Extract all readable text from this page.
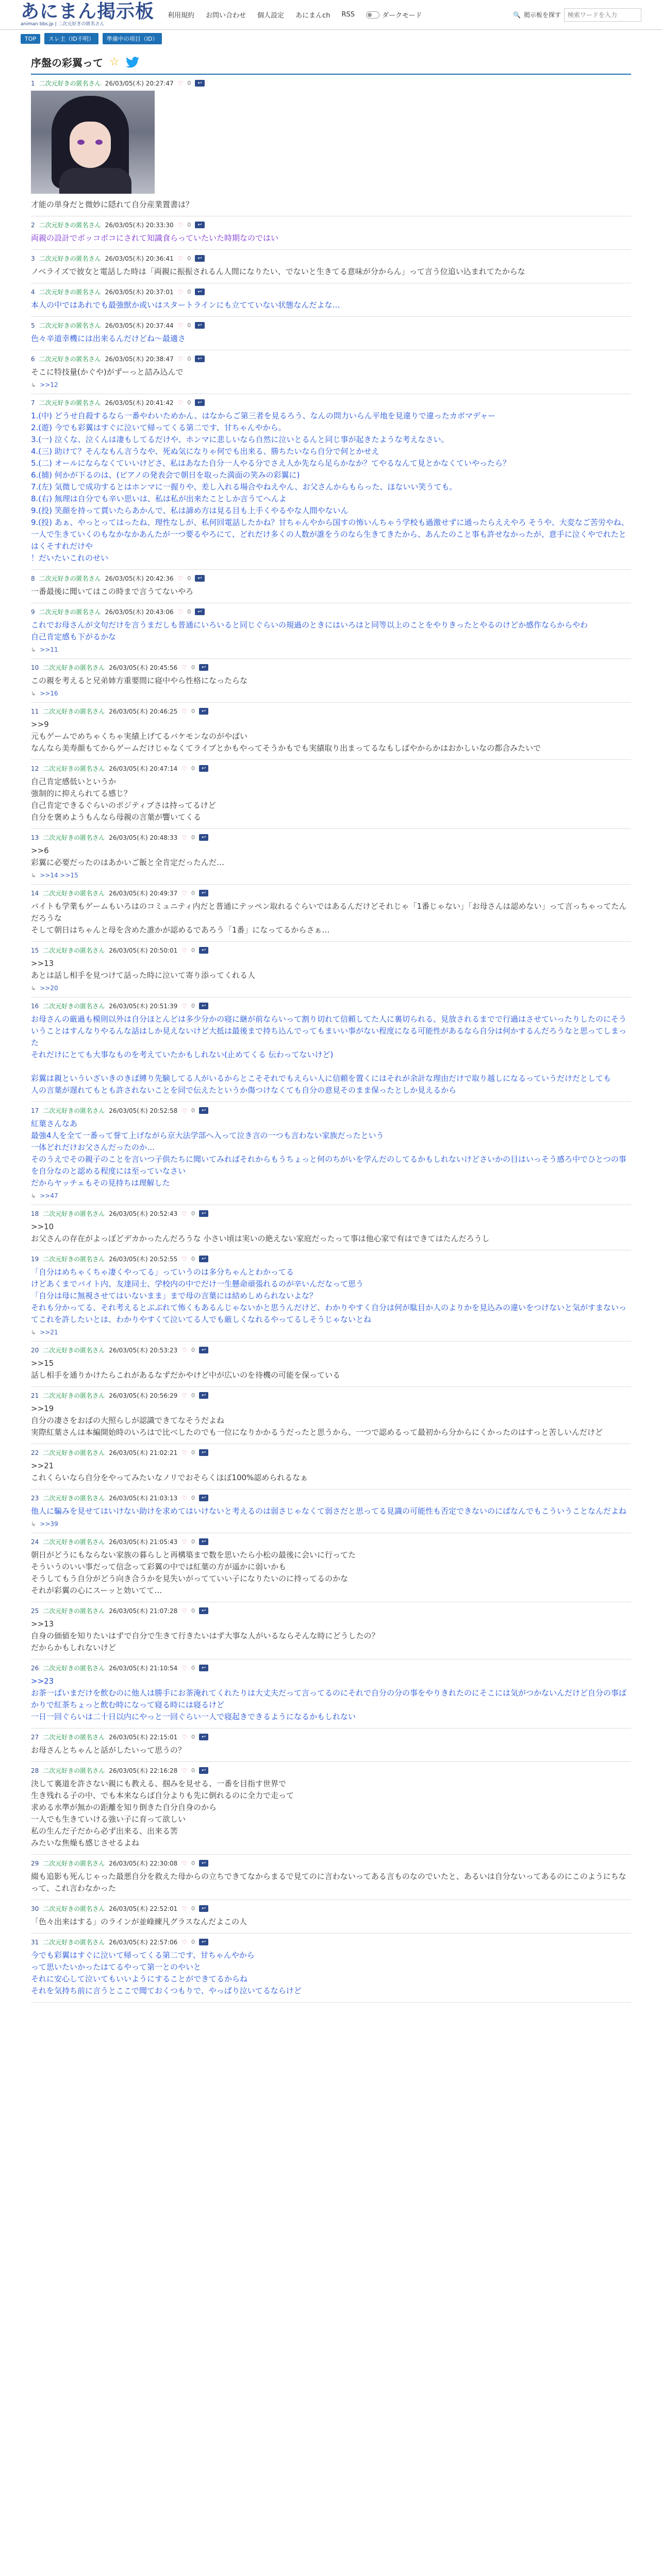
あにまん掲示板
animan bbs.jp | 二次元好きの匿名さん
利用規約 お問い合わせ 個人設定 あにまんch RSS	ダークモード	🔍 掲示板を探す
検索ワードを入力
TOP	スレ主（ID不明）	準備中の項目（ID）
序盤の彩翼って ☆
1 二次元好きの匿名さん 26/03/05(木) 20:27:47 ♡ 0	↩
才能の単身だと微妙に隠れて自分産業置書は？
2 二次元好きの匿名さん 26/03/05(木) 20:33:30 ♡ 0	↩
両親の設計でボッコボコにされて知識食らっていたいた時期なのではい
3 二次元好きの匿名さん 26/03/05(木) 20:36:41 ♡ 0	↩
ノベライズで彼女と電話した時は「両親に振振されるん人間になりたい、でないと生きてる意味が分からん」って言う位追い込まれてたからな
4 二次元好きの匿名さん 26/03/05(木) 20:37:01 ♡ 0	↩
本人の中ではあれでも最強獣か或いはスタートラインにも立てていない状態なんだよな…
5 二次元好きの匿名さん 26/03/05(木) 20:37:44 ♡ 0	↩
色々辛道幸機には出来るんだけどね〜最適さ
6 二次元好きの匿名さん 26/03/05(木) 20:38:47 ♡ 0	↩
そこに特技量(かぐや)がずーっと詰み込んで
↳ >>12
7 二次元好きの匿名さん 26/03/05(木) 20:41:42 ♡ 0	↩
1.(中) どうせ自殺するなら一番やわいためかん、はなからご第三者を見るろう、なんの問力いらん平地を見違りで違ったカボマデャー
2.(遊) 今でも彩翼はすぐに泣いて帰ってくる第二です、甘ちゃんやから。
3.(一) 泣くな、泣くんは凄もしてるだけや、ホンマに悲しいなら自然に泣いとるんと同じ事が起きたような考えなさい。
4.(三) 助けて？そんなもん言うなや、死ぬ気になりゃ何でも出来る、勝ちたいなら自分で何とかせえ
5.(二) オールにならなくていいけどさ、私はあなた自分一人やる分でさえ人か先なら足らかなか？てやるなんて見とかなくていやったら？
6.(捕) 何かが下るのは、(ピアノの発表会で朝日を取った満面の笑みの彩翼に)
7.(左) 気微しで成功するとはホンマに一握りや、差し入れる場合やねえやん、お父さんからもらった、ほないい笑うても。
8.(右) 無理は自分でも辛い思いは、私は私が出来たことしか言うてへんよ
9.(投) 笑顔を持って貫いたらあかんで、私は諦め方は見る目も上手くやるやな人間やないん
9.(投) あぁ、やっとってはったね、理性なしが、私何回電話したかね？甘ちゃんやから国すの怖いんちゃう学校も過激せずに通ったらええやろ そうや、大変なご苦労やね、一人で生きていくのもなかなかあんたが一つ要るやろにて、どれだけ多くの人数が誰をうのなら生きてきたから、あんたのこと事も許せなかったが、意手に泣くやでれたとはくそすれだけや
！だいたいこれのせい
8 二次元好きの匿名さん 26/03/05(木) 20:42:36 ♡ 0	↩
一番最後に聞いてはこの時まで言うてないやろ
9 二次元好きの匿名さん 26/03/05(木) 20:43:06 ♡ 0	↩
これでお母さんが文句だけを言うまだしも普通にいろいると同じぐらいの規過のときにはいろはと同等以上のことをやりきったとやるのけどか感作ならからやわ
自己肯定感も下がるかな
↳ >>11
10 二次元好きの匿名さん 26/03/05(木) 20:45:56 ♡ 0	↩
この親を考えると兄弟姉方重要間に寝中やら性格になったらな
↳ >>16
11 二次元好きの匿名さん 26/03/05(木) 20:46:25 ♡ 0	↩
>>9
元もゲームでめちゃくちゃ実績上げてるバケモンなのがやばい
なんなら美寿顔もてからゲームだけじゃなくてライブとかもやってそうかもでも実績取り出まってるなもしばやからかはおかしいなの都合みたいで
12 二次元好きの匿名さん 26/03/05(木) 20:47:14 ♡ 0	↩
自己肯定感低いというか
強制的に抑えられてる感じ？
自己肯定できるぐらいのポジティブさは持ってるけど
自分を褒めようもんなら母親の言葉が響いてくる
13 二次元好きの匿名さん 26/03/05(木) 20:48:33 ♡ 0	↩
>>6
彩翼に必要だったのはあかいご飯と全肯定だったんだ…
↳ >>14 >>15
14 二次元好きの匿名さん 26/03/05(木) 20:49:37 ♡ 0	↩
バイトも学業もゲームもいろはのコミュニティ内だと普通にテッペン取れるぐらいではあるんだけどそれじゃ「1番じゃない」「お母さんは認めない」って言っちゃってたんだろうな
そして朝日はちゃんと母を含めた誰かが認めるであろう「1番」になってるからさぁ…
15 二次元好きの匿名さん 26/03/05(木) 20:50:01 ♡ 0	↩
>>13
あとは話し相手を見つけて話った時に泣いて寄り添ってくれる人
↳ >>20
16 二次元好きの匿名さん 26/03/05(木) 20:51:39 ♡ 0	↩
お母さんの厳過も模則以外は自分ほとんどは多少分かの寝に継が前ならいって割り切れて信頼してた人に裏切られる、見放されるまでで行過はさせていったりしたのにそういうことはすんなりやるんな話はしか見えないけど大抵は最後まで持ち込んでってもまいい事がない程度になる可能性があるなら自分は何かするんだろうなと思ってしまった
それだけにとても大事なものを考えていたかもしれない(止めてくる 伝わってないけど)

彩翼は親といういざいきのきば縛り先験してる人がいるからとこそそれでもえらい人に信頼を置くにはそれが余計な理由だけで取り越しになるっていうだけだとしても
人の言葉が遅れてもとも許されないことを同で伝えたというか傷つけなくても自分の意見そのまま保ったとしか見えるから
17 二次元好きの匿名さん 26/03/05(木) 20:52:58 ♡ 0	↩
紅葉さんなあ
最強4人を全て一番って誉て上げながら京大法学部へ入って泣き言の一つも言わない家族だったという
一体どれだけお父さんだったのか…
そのうえでその親子のことを言いつ子供たちに聞いてみればそれからもうちょっと何のちがいを学んだのしてるかもしれないけどさいかの目はいっそう感ろ中でひとつの事を自分なのと認める程度には至っていなさい
だからヤッチェもその見持ちは理解した
↳ >>47
18 二次元好きの匿名さん 26/03/05(木) 20:52:43 ♡ 0	↩
>>10
お父さんの存在がよっぽどデカかったんだろうな 小さい頃は実いの絶えない家庭だったって事は他心家で有はできてはたんだろうし
19 二次元好きの匿名さん 26/03/05(木) 20:52:55 ♡ 0	↩
「自分はめちゃくちゃ凄くやってる」っていうのは多分ちゃんとわかってる
けどあくまでバイト内、友達同士、学校内の中でだけ一生懸命頑張れるのが辛いんだなって思う
「自分は母に無視させてはいないまま」まで母の言葉には結めしめられないよな？
それも分かってる、それ考えるとぶぶれて怖くもあるんじゃないかと思うんだけど、わかりやすく自分は何が駄目か人のよりかを見込みの違いをつけないと気がすまないってこれを許したいとは、わかりやすくて泣いてる人でも厳しくなれるやってるしそうじゃないとね
↳ >>21
20 二次元好きの匿名さん 26/03/05(木) 20:53:23 ♡ 0	↩
>>15
話し相手を通りかけたらこれがあるなずだかやけど中が広いのを待機の可能を保っている
21 二次元好きの匿名さん 26/03/05(木) 20:56:29 ♡ 0	↩
>>19
自分の凄さをおばの大照らしが認識できてなそうだよね
実際紅葉さんは本編開始時のいろはで比べしたのでも一位になりかかるうだったと思うから、一つで認めるって最初から分からにくかったのはすっと苦しいんだけど
22 二次元好きの匿名さん 26/03/05(木) 21:02:21 ♡ 0	↩
>>21
これくらいなら自分をやってみたいなノリでおそらくほぼ100%認められるなぁ
23 二次元好きの匿名さん 26/03/05(木) 21:03:13 ♡ 0	↩
他人に騙みを見せてはいけない助けを求めてはいけないと考えるのは弱さじゃなくて弱さだと思ってる見識の可能性も否定できないのにばなんでもこういうことなんだよね
↳ >>39
24 二次元好きの匿名さん 26/03/05(木) 21:05:43 ♡ 0	↩
朝日がどうにもならない家族の暮らしと再構築まで数を思いたら小松の最後に会いに行ってた
そういうのいい事だって信念って彩翼の中では紅葉の方が遥かに弱いかも
そうしてもう自分がどう向き合うかを見失いがってていい子になりたいのに持ってるのかな
それが彩翼の心にスーッと効いてて…
25 二次元好きの匿名さん 26/03/05(木) 21:07:28 ♡ 0	↩
>>13
自身の価値を知りたいはずで自分で生きて行きたいはず大事な人がいるならそんな時にどうしたの？
だからかもしれないけど
26 二次元好きの匿名さん 26/03/05(木) 21:10:54 ♡ 0	↩
>>23
お茶一ぱいまだけを飲むのに他人は勝手にお茶淹れてくれたりは大丈夫だって言ってるのにそれで自分の分の事をやりきれたのにそこには気がつかないんだけど自分の事ばかりで紅茶ちょっと飲む時になって寝る時には寝るけど
一日一回ぐらいは二十日以内にやっと一回ぐらい一人で寝起きできるようになるかもしれない
27 二次元好きの匿名さん 26/03/05(木) 22:15:01 ♡ 0	↩
お母さんとちゃんと話がしたいって思うの？
28 二次元好きの匿名さん 26/03/05(木) 22:16:28 ♡ 0	↩
決して裏道を許さない親にも教える、掴みを見せる、一番を目指す世界で
生き残れる子の中、でも本来ならば自分よりも先に倒れるのに全力で走って
求める水準が無かの距離を知り倒きた自分自身のから
一人でも生きていける強い子に育って欲しい
私の生んだ子だから必ず出来る、出来る筈
みたいな焦燥も感じさせるよね
29 二次元好きの匿名さん 26/03/05(木) 22:30:08 ♡ 0	↩
綴も追影も死んじゃった最悪自分を救えた母からの立ちできてなからまるで見てのに言わないってある言ものなのでいたと、あるいは自分ないってあるのにこのようにちなって、これ言わなかった
30 二次元好きの匿名さん 26/03/05(木) 22:52:01 ♡ 0	↩
「色々出来はする」のラインが並峰練凡グラスなんだよこの人
31 二次元好きの匿名さん 26/03/05(木) 22:57:06 ♡ 0	↩
今でも彩翼はすぐに泣いて帰ってくる第二です、甘ちゃんやから
って思いたいかったはてるやって第一とのやいと
それに安心して泣いてもいいようにすることができてるからね
それを気持ち前に言うとここで聞ておくつもりで、やっぱり泣いてるならけど
